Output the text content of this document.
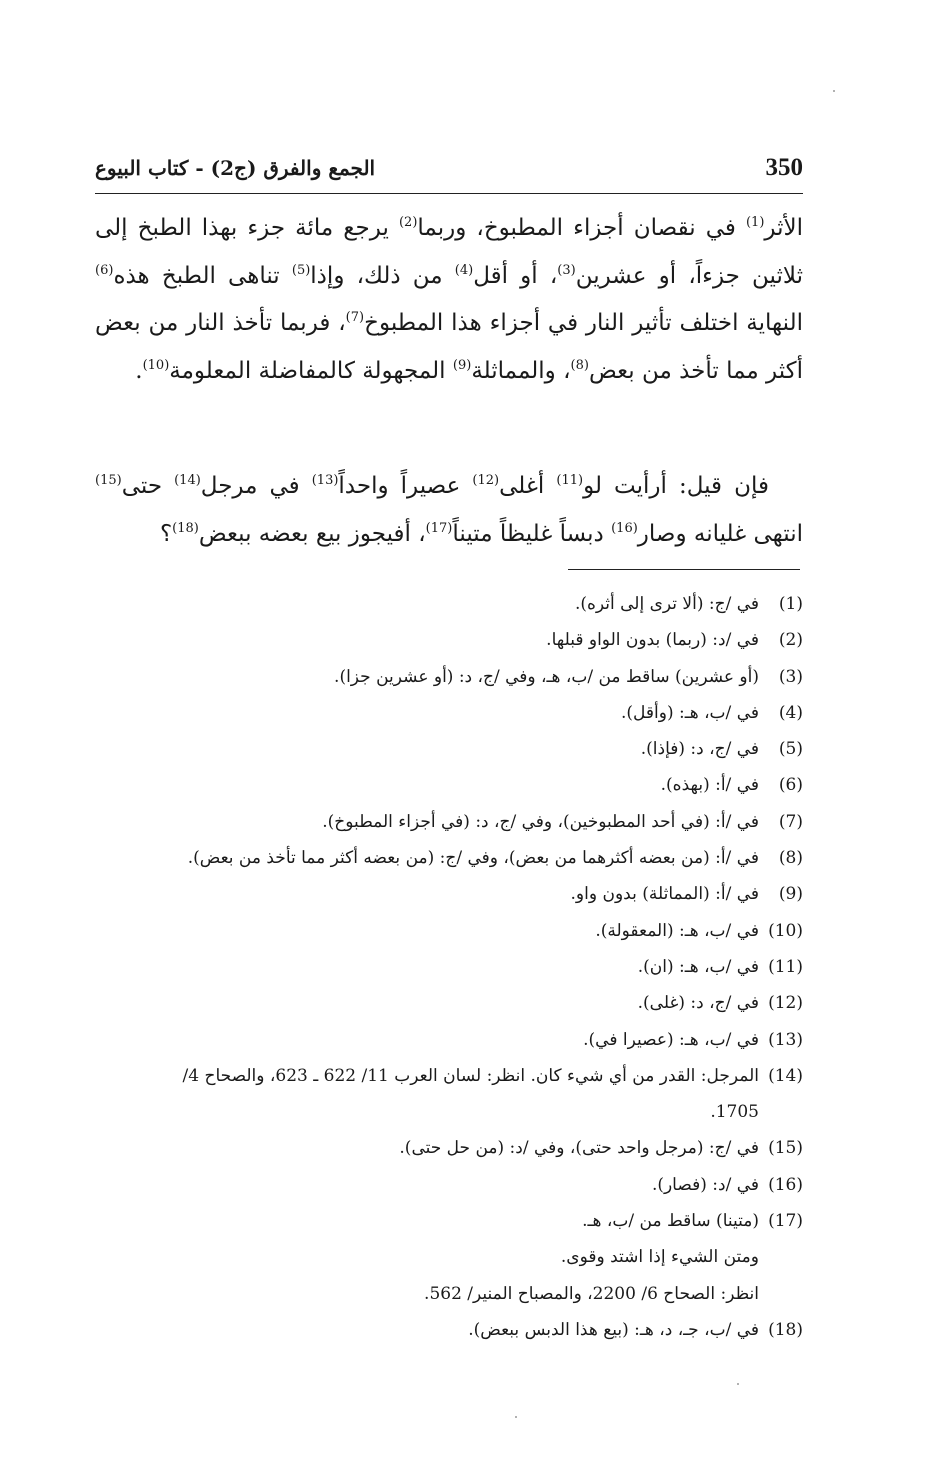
350
الجمع والفرق (ج2) - كتاب البيوع
الأثر$^{(1)}$ في نقصان أجزاء المطبوخ، وربما$^{(2)}$ يرجع مائة جزء بهذا الطبخ إلى ثلاثين جزءاً، أو عشرين$^{(3)}$، أو أقل$^{(4)}$ من ذلك، وإذا$^{(5)}$ تناهى الطبخ هذه$^{(6)}$ النهاية اختلف تأثير النار في أجزاء هذا المطبوخ$^{(7)}$، فربما تأخذ النار من بعض أكثر مما تأخذ من بعض$^{(8)}$، والمماثلة$^{(9)}$ المجهولة كالمفاضلة المعلومة$^{(10)}$.
فإن قيل: أرأيت لو$^{(11)}$ أغلى$^{(12)}$ عصيراً واحداً$^{(13)}$ في مرجل$^{(14)}$ حتى$^{(15)}$ انتهى غليانه وصار$^{(16)}$ دبساً غليظاً متيناً$^{(17)}$، أفيجوز بيع بعضه ببعض$^{(18)}$؟
(1)
في /ج: (ألا ترى إلى أثره).
(2)
في /د: (ربما) بدون الواو قبلها.
(3)
(أو عشرين) ساقط من /ب، هـ، وفي /ج، د: (أو عشرين جزا).
(4)
في /ب، هـ: (وأقل).
(5)
في /ج، د: (فإذا).
(6)
في /أ: (بهذه).
(7)
في /أ: (في أحد المطبوخين)، وفي /ج، د: (في أجزاء المطبوخ).
(8)
في /أ: (من بعضه أكثرهما من بعض)، وفي /ج: (من بعضه أكثر مما تأخذ من بعض).
(9)
في /أ: (المماثلة) بدون واو.
(10)
في /ب، هـ: (المعقولة).
(11)
في /ب، هـ: (ان).
(12)
في /ج، د: (غلى).
(13)
في /ب، هـ: (عصيرا في).
(14)
المرجل: القدر من أي شيء كان. انظر: لسان العرب 11/ 622 ـ 623، والصحاح 4/
1705.
(15)
في /ج: (مرجل واحد حتى)، وفي /د: (من حل حتى).
(16)
في /د: (فصار).
(17)
(متينا) ساقط من /ب، هـ.
ومتن الشيء إذا اشتد وقوى.
انظر: الصحاح 6/ 2200، والمصباح المنير/ 562.
(18)
في /ب، جـ، د، هـ: (بيع هذا الدبس ببعض).
